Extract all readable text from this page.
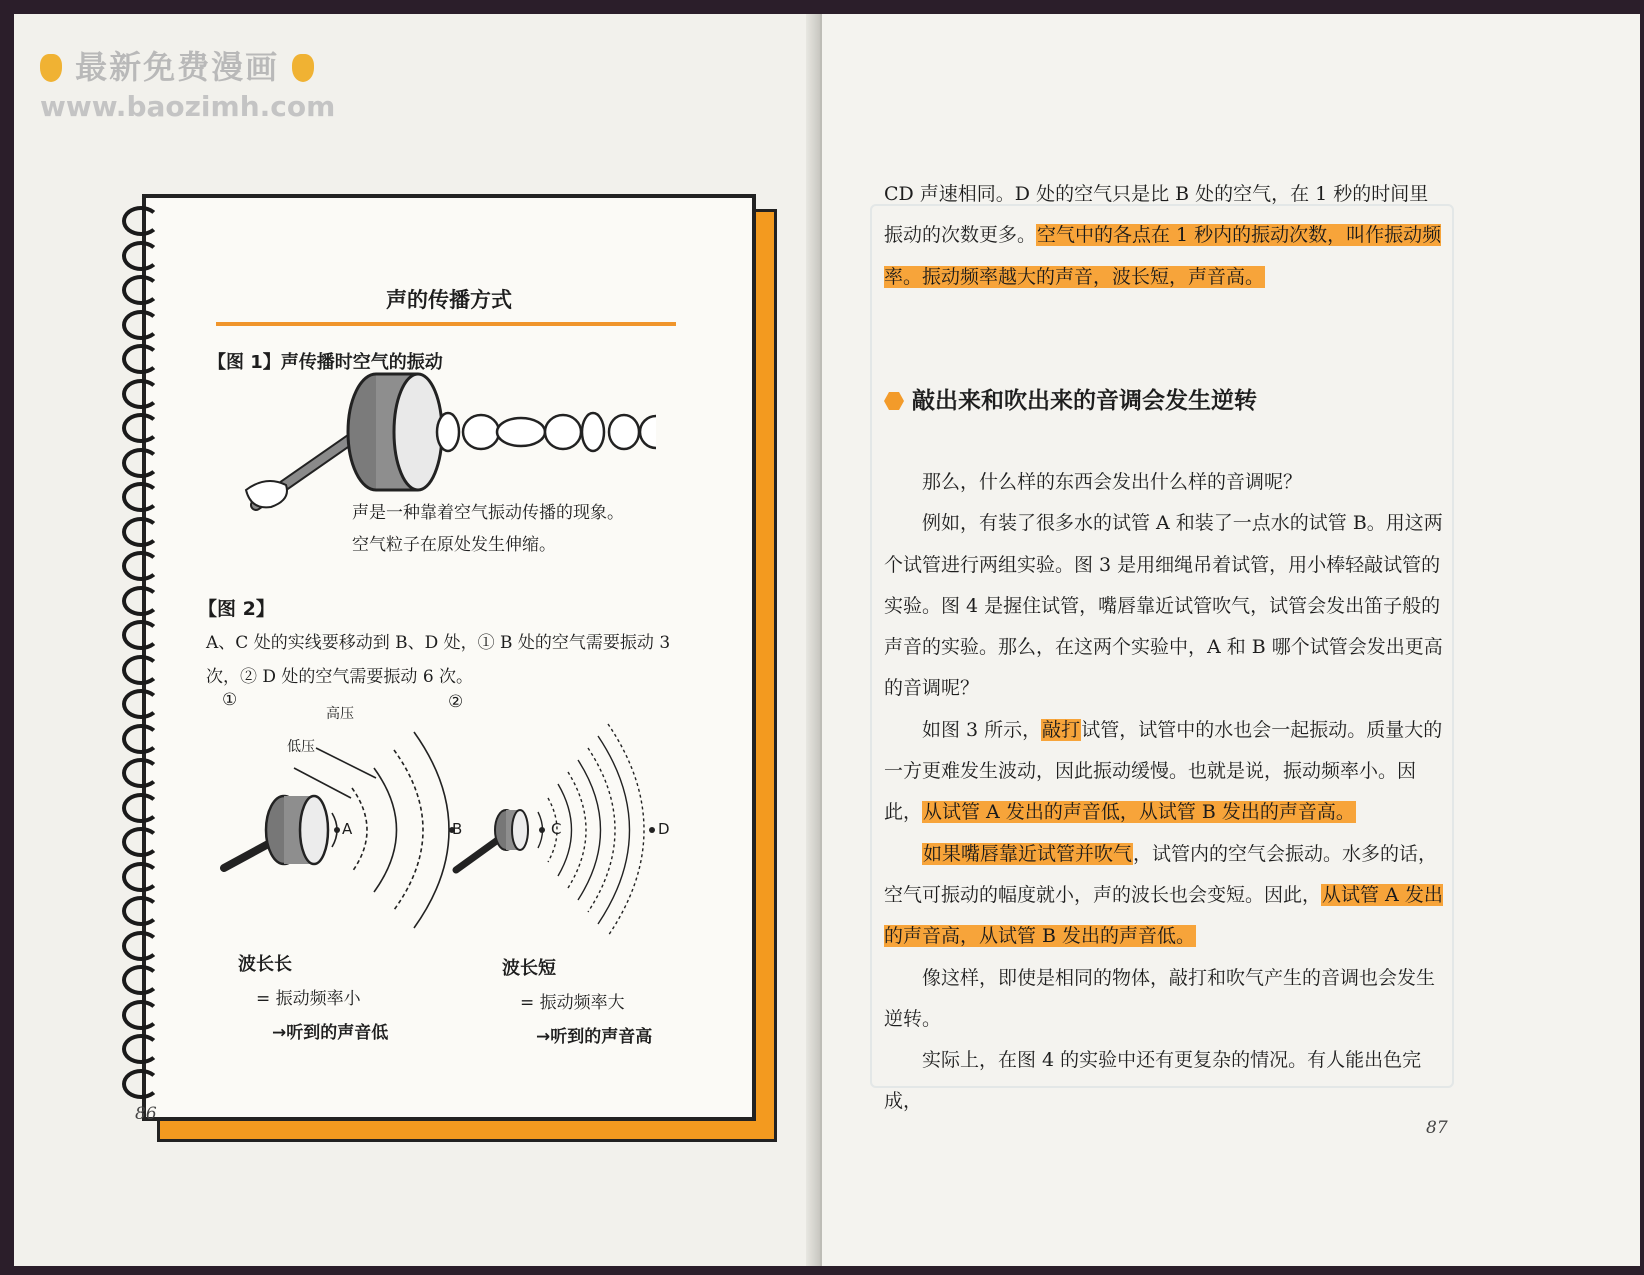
最新免费漫画
www.baozimh.com
声的传播方式
【图 1】声传播时空气的振动
声是一种靠着空气振动传播的现象。
空气粒子在原处发生伸缩。
【图 2】
A、C 处的实线要移动到 B、D 处，① B 处的空气需要振动 3 次，② D 处的空气需要振动 6 次。
①	②
高压
低压
A	B	C	D
波长长
= 振动频率小
→听到的声音低
波长短
= 振动频率大
→听到的声音高
86

CD 声速相同。D 处的空气只是比 B 处的空气，在 1 秒的时间里振动的次数更多。空气中的各点在 1 秒内的振动次数，叫作振动频率。振动频率越大的声音，波长短，声音高。

敲出来和吹出来的音调会发生逆转

那么，什么样的东西会发出什么样的音调呢？

例如，有装了很多水的试管 A 和装了一点水的试管 B。用这两个试管进行两组实验。图 3 是用细绳吊着试管，用小棒轻敲试管的实验。图 4 是握住试管，嘴唇靠近试管吹气，试管会发出笛子般的声音的实验。那么，在这两个实验中，A 和 B 哪个试管会发出更高的音调呢？

如图 3 所示，敲打试管，试管中的水也会一起振动。质量大的一方更难发生波动，因此振动缓慢。也就是说，振动频率小。因此，从试管 A 发出的声音低，从试管 B 发出的声音高。

如果嘴唇靠近试管并吹气，试管内的空气会振动。水多的话，空气可振动的幅度就小，声的波长也会变短。因此，从试管 A 发出的声音高，从试管 B 发出的声音低。

像这样，即使是相同的物体，敲打和吹气产生的音调也会发生逆转。

实际上，在图 4 的实验中还有更复杂的情况。有人能出色完成，

87
